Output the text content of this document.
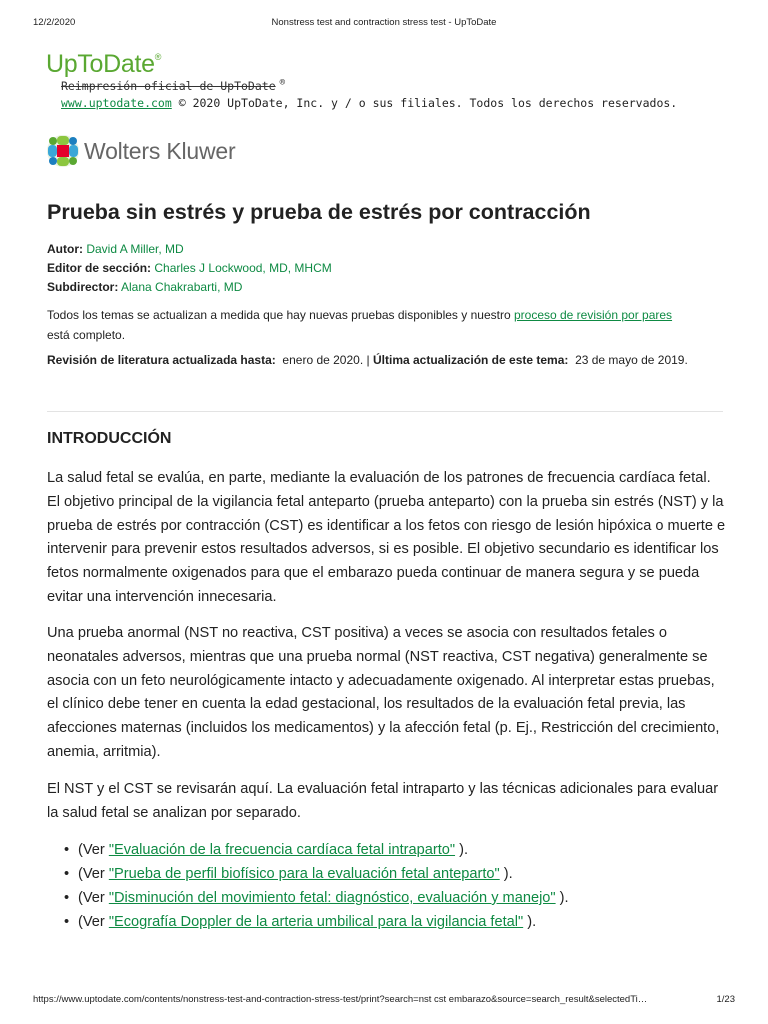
12/2/2020	Nonstress test and contraction stress test - UpToDate
UpToDate®
Reimpresión oficial de UpToDate ®
www.uptodate.com © 2020 UpToDate, Inc. y / o sus filiales. Todos los derechos reservados.
Wolters Kluwer
Prueba sin estrés y prueba de estrés por contracción
Autor: David A Miller, MD
Editor de sección: Charles J Lockwood, MD, MHCM
Subdirector: Alana Chakrabarti, MD
Todos los temas se actualizan a medida que hay nuevas pruebas disponibles y nuestro proceso de revisión por pares
está completo.
Revisión de literatura actualizada hasta: enero de 2020. | Última actualización de este tema: 23 de mayo de 2019.
INTRODUCCIÓN

La salud fetal se evalúa, en parte, mediante la evaluación de los patrones de frecuencia cardíaca fetal. El objetivo principal de la vigilancia fetal anteparto (prueba anteparto) con la prueba sin estrés (NST) y la prueba de estrés por contracción (CST) es identificar a los fetos con riesgo de lesión hipóxica o muerte e intervenir para prevenir estos resultados adversos, si es posible. El objetivo secundario es identificar los fetos normalmente oxigenados para que el embarazo pueda continuar de manera segura y se pueda evitar una intervención innecesaria.

Una prueba anormal (NST no reactiva, CST positiva) a veces se asocia con resultados fetales o neonatales adversos, mientras que una prueba normal (NST reactiva, CST negativa) generalmente se asocia con un feto neurológicamente intacto y adecuadamente oxigenado. Al interpretar estas pruebas, el clínico debe tener en cuenta la edad gestacional, los resultados de la evaluación fetal previa, las afecciones maternas (incluidos los medicamentos) y la afección fetal (p. Ej., Restricción del crecimiento, anemia, arritmia).

El NST y el CST se revisarán aquí. La evaluación fetal intraparto y las técnicas adicionales para evaluar la salud fetal se analizan por separado.

• (Ver "Evaluación de la frecuencia cardíaca fetal intraparto" ).
• (Ver "Prueba de perfil biofísico para la evaluación fetal anteparto" ).
• (Ver "Disminución del movimiento fetal: diagnóstico, evaluación y manejo" ).
• (Ver "Ecografía Doppler de la arteria umbilical para la vigilancia fetal" ).
https://www.uptodate.com/contents/nonstress-test-and-contraction-stress-test/print?search=nst cst embarazo&source=search_result&selectedTi…	1/23
